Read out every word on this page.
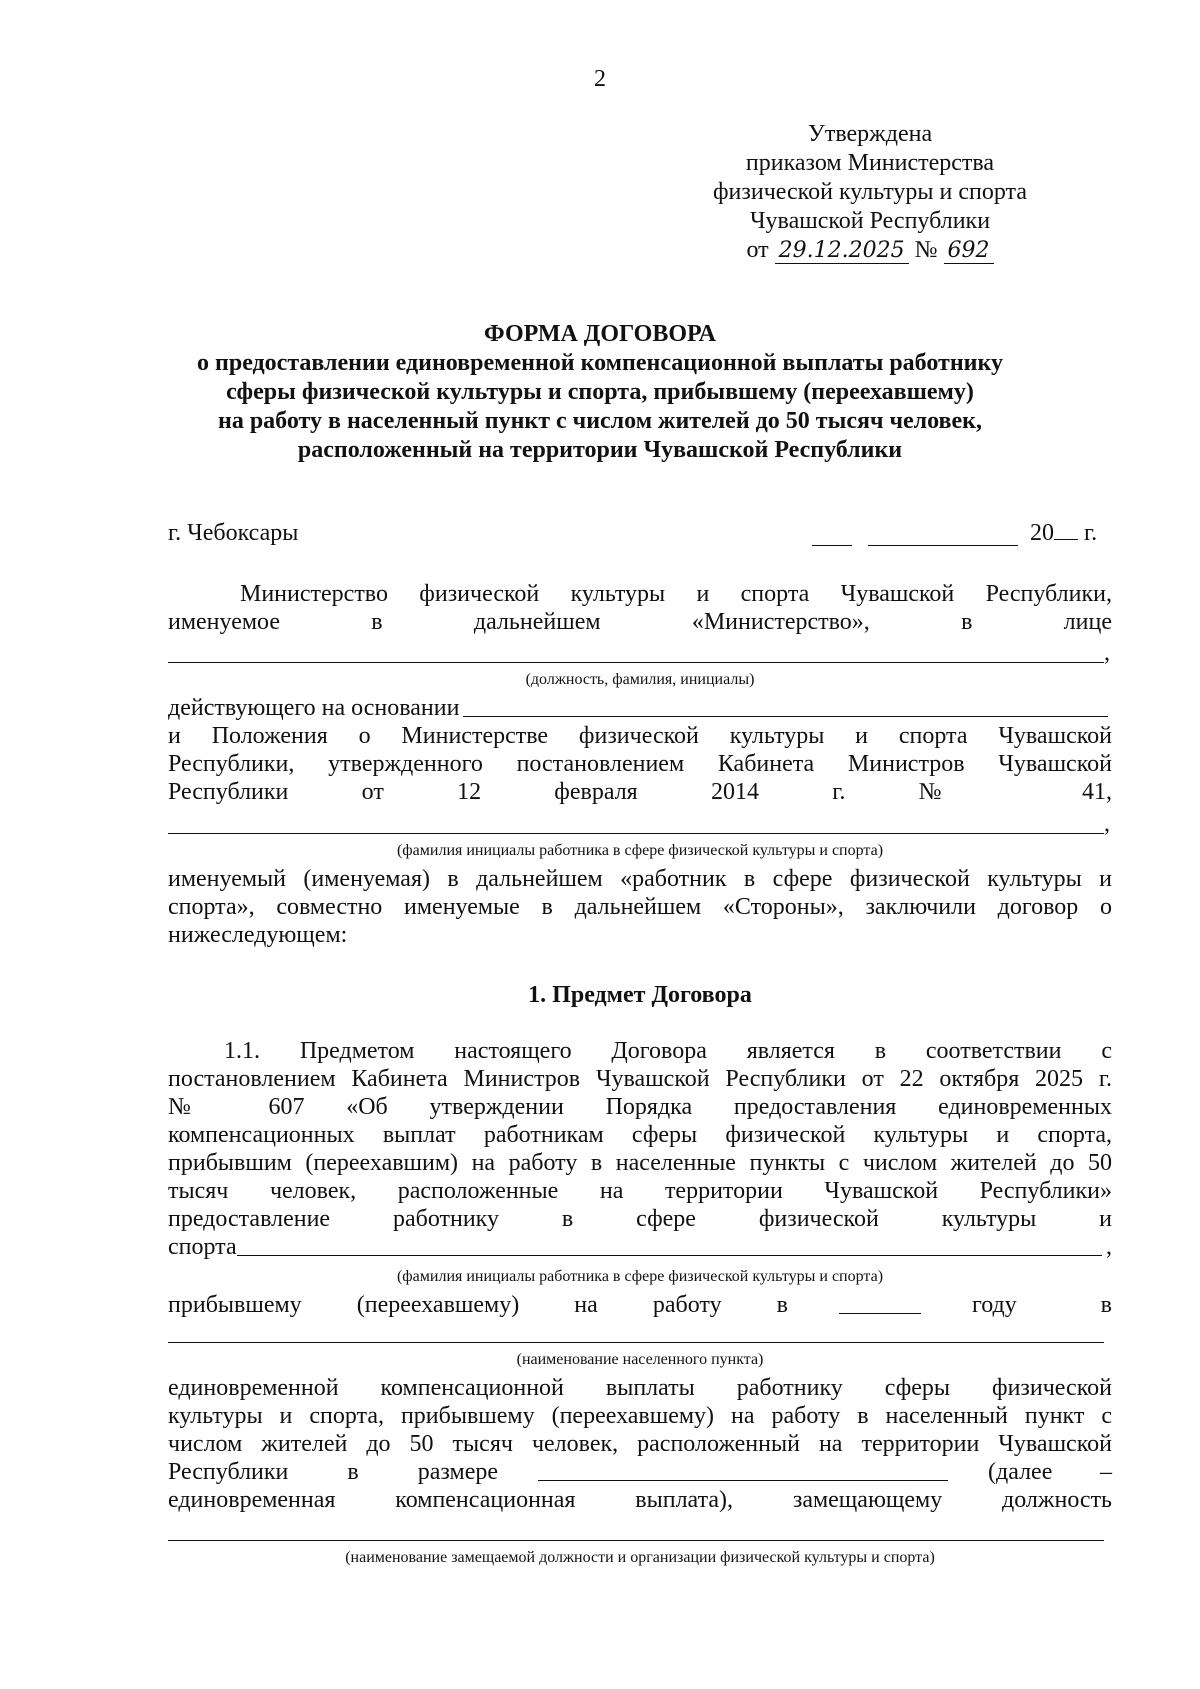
2
Утверждена
приказом Министерства
физической культуры и спорта
Чувашской Республики
от 29.12.2025 № 692
ФОРМА ДОГОВОРА
о предоставлении единовременной компенсационной выплаты работнику
сферы физической культуры и спорта, прибывшему (переехавшему)
на работу в населенный пункт с числом жителей до 50 тысяч человек,
расположенный на территории Чувашской Республики
г. Чебоксары	20 г.
Министерство физической культуры и спорта Чувашской Республики,
именуемое в дальнейшем «Министерство», в лице
,
(должность, фамилия, инициалы)
действующего на основании
и Положения о Министерстве физической культуры и спорта Чувашской
Республики, утвержденного постановлением Кабинета Министров Чувашской
Республики от 12 февраля 2014 г. № 41,
,
(фамилия инициалы работника в сфере физической культуры и спорта)
именуемый (именуемая) в дальнейшем «работник в сфере физической культуры и
спорта», совместно именуемые в дальнейшем «Стороны», заключили договор о
нижеследующем:
1. Предмет Договора
1.1. Предметом настоящего Договора является в соответствии с
постановлением Кабинета Министров Чувашской Республики от 22 октября 2025 г.
№ 607 «Об утверждении Порядка предоставления единовременных
компенсационных выплат работникам сферы физической культуры и спорта,
прибывшим (переехавшим) на работу в населенные пункты с числом жителей до 50
тысяч человек, расположенные на территории Чувашской Республики»
предоставление работнику в сфере физической культуры и
спорта	,
(фамилия инициалы работника в сфере физической культуры и спорта)
прибывшему (переехавшему) на работу в	году в
(наименование населенного пункта)
единовременной компенсационной выплаты работнику сферы физической
культуры и спорта, прибывшему (переехавшему) на работу в населенный пункт с
числом жителей до 50 тысяч человек, расположенный на территории Чувашской
Республики в размере	(далее –
единовременная компенсационная выплата), замещающему должность
(наименование замещаемой должности и организации физической культуры и спорта)
